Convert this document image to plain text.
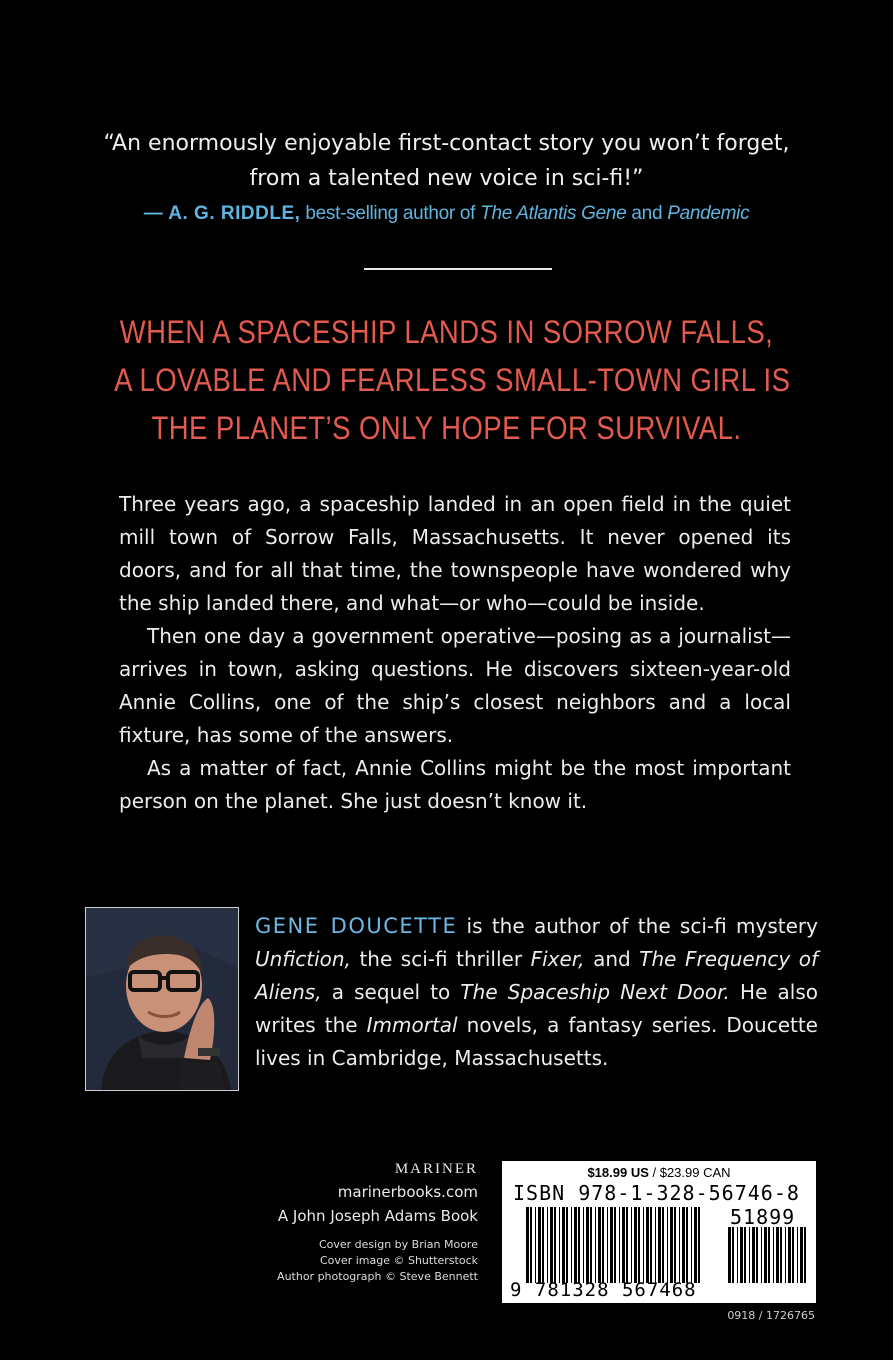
“An enormously enjoyable first-contact story you won’t forget,

from a talented new voice in sci-fi!”

— A. G. RIDDLE, best-selling author of The Atlantis Gene and Pandemic
WHEN A SPACESHIP LANDS IN SORROW FALLS,
A LOVABLE AND FEARLESS SMALL-TOWN GIRL IS
THE PLANET’S ONLY HOPE FOR SURVIVAL.

Three years ago, a spaceship landed in an open field in the quiet mill town of Sorrow Falls, Massachusetts. It never opened its doors, and for all that time, the townspeople have wondered why the ship landed there, and what—or who—could be inside.

Then one day a government operative—posing as a journalist—arrives in town, asking questions. He discovers sixteen-year-old Annie Collins, one of the ship’s closest neighbors and a local fixture, has some of the answers.

As a matter of fact, Annie Collins might be the most important person on the planet. She just doesn’t know it.

GENE DOUCETTE is the author of the sci-fi mystery Unfiction, the sci-fi thriller Fixer, and The Frequency of Aliens, a sequel to The Spaceship Next Door. He also writes the Immortal novels, a fantasy series. Doucette lives in Cambridge, Massachusetts.
MARINER
marinerbooks.com
A John Joseph Adams Book
Cover design by Brian Moore
Cover image © Shutterstock
Author photograph © Steve Bennett
$18.99 US / $23.99 CAN
ISBN 978-1-328-56746-8
51899
9 781328 567468
0918 / 1726765
